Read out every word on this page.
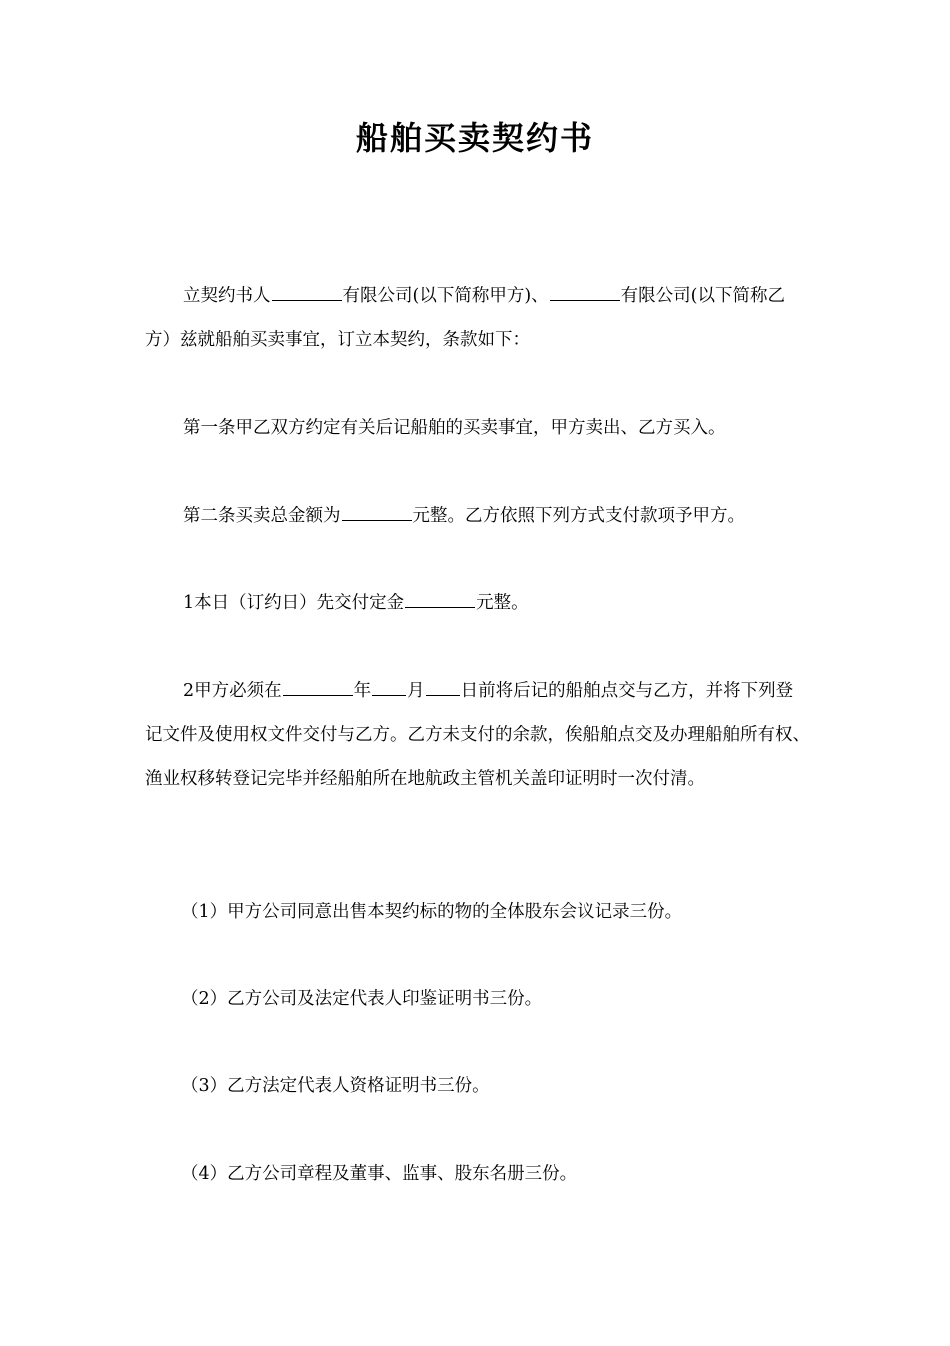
船舶买卖契约书

立契约书人	有限公司(以下简称甲方)、	有限公司(以下简称乙方）兹就船舶买卖事宜，订立本契约，条款如下：

第一条甲乙双方约定有关后记船舶的买卖事宜，甲方卖出、乙方买入。

第二条买卖总金额为	元整。乙方依照下列方式支付款项予甲方。

1本日（订约日）先交付定金	元整。

2甲方必须在	年 月 日前将后记的船舶点交与乙方，并将下列登记文件及使用权文件交付与乙方。乙方未支付的余款，俟船舶点交及办理船舶所有权、渔业权移转登记完毕并经船舶所在地航政主管机关盖印证明时一次付清。

（1）甲方公司同意出售本契约标的物的全体股东会议记录三份。

（2）乙方公司及法定代表人印鉴证明书三份。

（3）乙方法定代表人资格证明书三份。

（4）乙方公司章程及董事、监事、股东名册三份。
